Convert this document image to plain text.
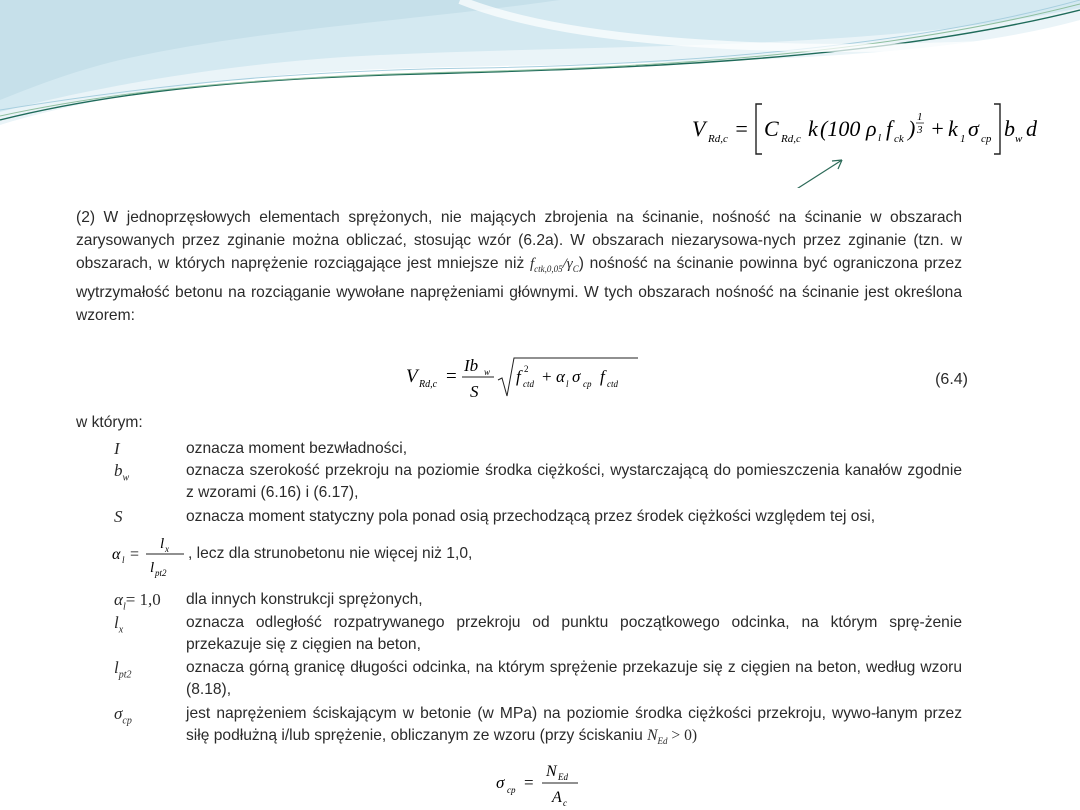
V Rd,c = C Rd,c k (100 ρ l f ck ) 1
3 + k 1 σ cp b w d

(2) W jednoprzęsłowych elementach sprężonych, nie mających zbrojenia na ścinanie, nośność na ścinanie w obszarach zarysowanych przez zginanie można obliczać, stosując wzór (6.2a). W obszarach niezarysowa-nych przez zginanie (tzn. w obszarach, w których naprężenie rozciągające jest mniejsze niż $f_{ctk,0,05}/\gamma_C$) nośność na ścinanie powinna być ograniczona przez wytrzymałość betonu na rozciąganie wywołane naprężeniami głównymi. W tych obszarach nośność na ścinanie jest określona wzorem:

V Rd,c =
Ib w
S
f 2
ctd + α l σ cp f ctd	(6.4)
w którym:
I	oznacza moment bezwładności,
$b_w$	oznacza szerokość przekroju na poziomie środka ciężkości, wystarczającą do pomieszczenia kanałów zgodnie z wzorami (6.16) i (6.17),
S	oznacza moment statyczny pola ponad osią przechodzącą przez środek ciężkości względem tej osi,
α l =
l x
l pt2
, lecz dla strunobetonu nie więcej niż 1,0,
$\alpha_l= 1,0$ dla innych konstrukcji sprężonych,
$l_x$	oznacza odległość rozpatrywanego przekroju od punktu początkowego odcinka, na którym sprę-żenie przekazuje się z cięgien na beton,
$l_{pt2}$	oznacza górną granicę długości odcinka, na którym sprężenie przekazuje się z cięgien na beton, według wzoru (8.18),
$\sigma_{cp}$	jest naprężeniem ściskającym w betonie (w MPa) na poziomie środka ciężkości przekroju, wywo-łanym przez siłę podłużną i/lub sprężenie, obliczanym ze wzoru (przy ściskaniu $N_{Ed} > 0$)
σ cp =
N Ed
A c
